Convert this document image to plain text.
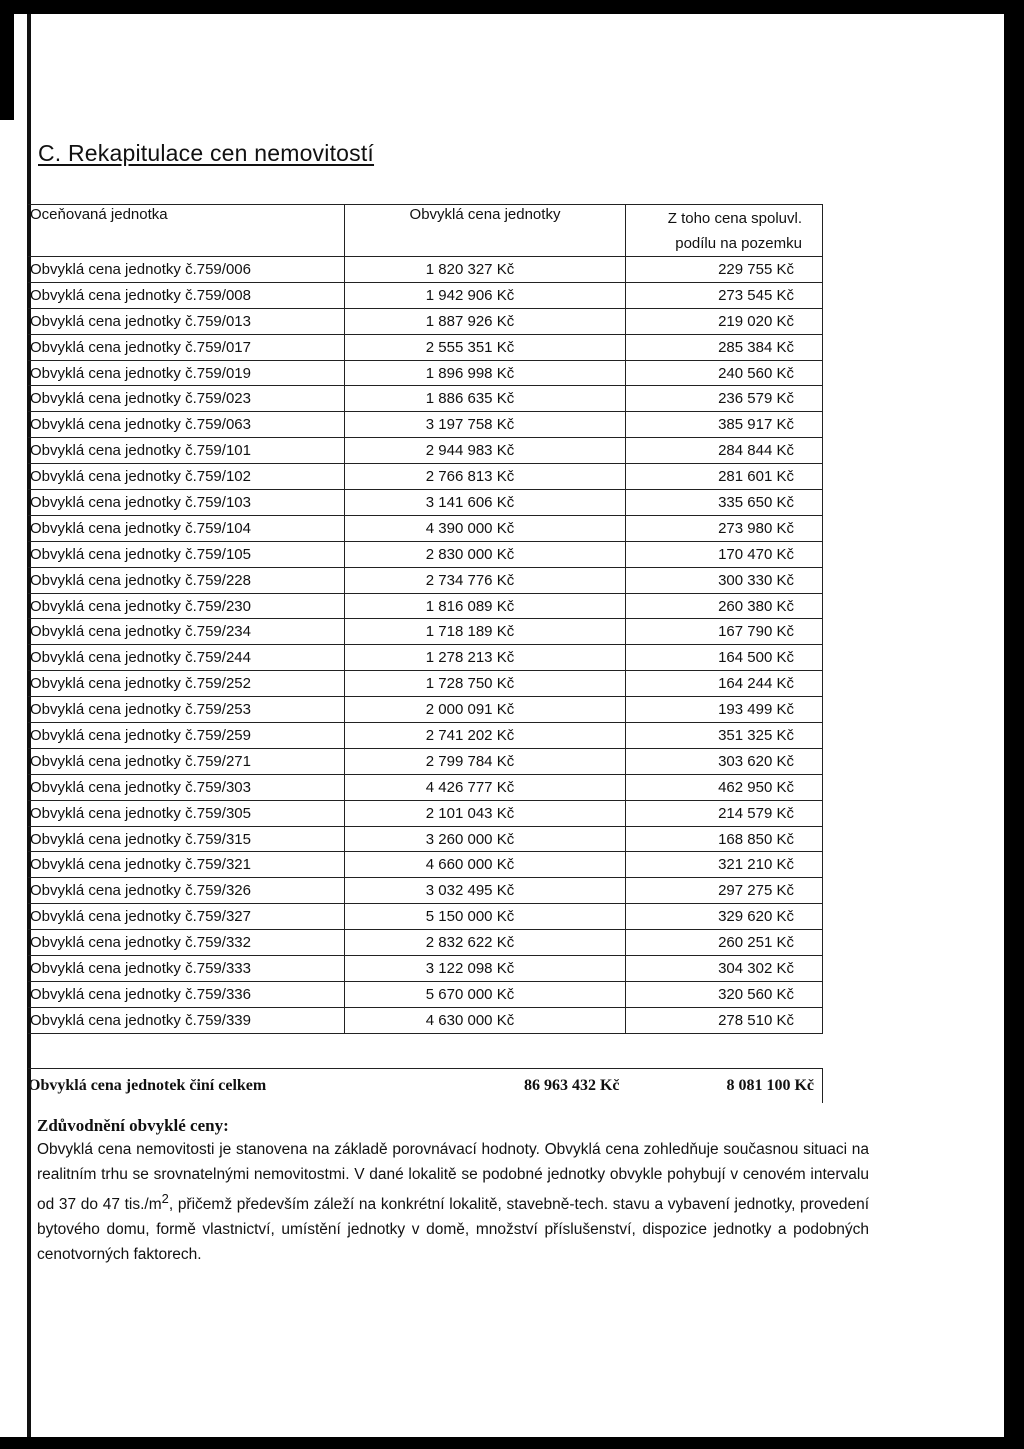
C. Rekapitulace cen nemovitostí
Oceňovaná jednotka	Obvyklá cena jednotky	Z toho cena spoluvl. podílu na pozemku
Obvyklá cena jednotky č.759/006	1 820 327 Kč	229 755 Kč
Obvyklá cena jednotky č.759/008	1 942 906 Kč	273 545 Kč
Obvyklá cena jednotky č.759/013	1 887 926 Kč	219 020 Kč
Obvyklá cena jednotky č.759/017	2 555 351 Kč	285 384 Kč
Obvyklá cena jednotky č.759/019	1 896 998 Kč	240 560 Kč
Obvyklá cena jednotky č.759/023	1 886 635 Kč	236 579 Kč
Obvyklá cena jednotky č.759/063	3 197 758 Kč	385 917 Kč
Obvyklá cena jednotky č.759/101	2 944 983 Kč	284 844 Kč
Obvyklá cena jednotky č.759/102	2 766 813 Kč	281 601 Kč
Obvyklá cena jednotky č.759/103	3 141 606 Kč	335 650 Kč
Obvyklá cena jednotky č.759/104	4 390 000 Kč	273 980 Kč
Obvyklá cena jednotky č.759/105	2 830 000 Kč	170 470 Kč
Obvyklá cena jednotky č.759/228	2 734 776 Kč	300 330 Kč
Obvyklá cena jednotky č.759/230	1 816 089 Kč	260 380 Kč
Obvyklá cena jednotky č.759/234	1 718 189 Kč	167 790 Kč
Obvyklá cena jednotky č.759/244	1 278 213 Kč	164 500 Kč
Obvyklá cena jednotky č.759/252	1 728 750 Kč	164 244 Kč
Obvyklá cena jednotky č.759/253	2 000 091 Kč	193 499 Kč
Obvyklá cena jednotky č.759/259	2 741 202 Kč	351 325 Kč
Obvyklá cena jednotky č.759/271	2 799 784 Kč	303 620 Kč
Obvyklá cena jednotky č.759/303	4 426 777 Kč	462 950 Kč
Obvyklá cena jednotky č.759/305	2 101 043 Kč	214 579 Kč
Obvyklá cena jednotky č.759/315	3 260 000 Kč	168 850 Kč
Obvyklá cena jednotky č.759/321	4 660 000 Kč	321 210 Kč
Obvyklá cena jednotky č.759/326	3 032 495 Kč	297 275 Kč
Obvyklá cena jednotky č.759/327	5 150 000 Kč	329 620 Kč
Obvyklá cena jednotky č.759/332	2 832 622 Kč	260 251 Kč
Obvyklá cena jednotky č.759/333	3 122 098 Kč	304 302 Kč
Obvyklá cena jednotky č.759/336	5 670 000 Kč	320 560 Kč
Obvyklá cena jednotky č.759/339	4 630 000 Kč	278 510 Kč

Obvyklá cena jednotek činí celkem	86 963 432 Kč	8 081 100 Kč
Zdůvodnění obvyklé ceny:

Obvyklá cena nemovitosti je stanovena na základě porovnávací hodnoty. Obvyklá cena zohledňuje současnou situaci na realitním trhu se srovnatelnými nemovitostmi. V dané lokalitě se podobné jednotky obvykle pohybují v cenovém intervalu od 37 do 47 $tis./m^2$, přičemž především záleží na konkrétní lokalitě, stavebně-tech. stavu a vybavení jednotky, provedení bytového domu, formě vlastnictví, umístění jednotky v domě, množství příslušenství, dispozice jednotky a podobných cenotvorných faktorech.
